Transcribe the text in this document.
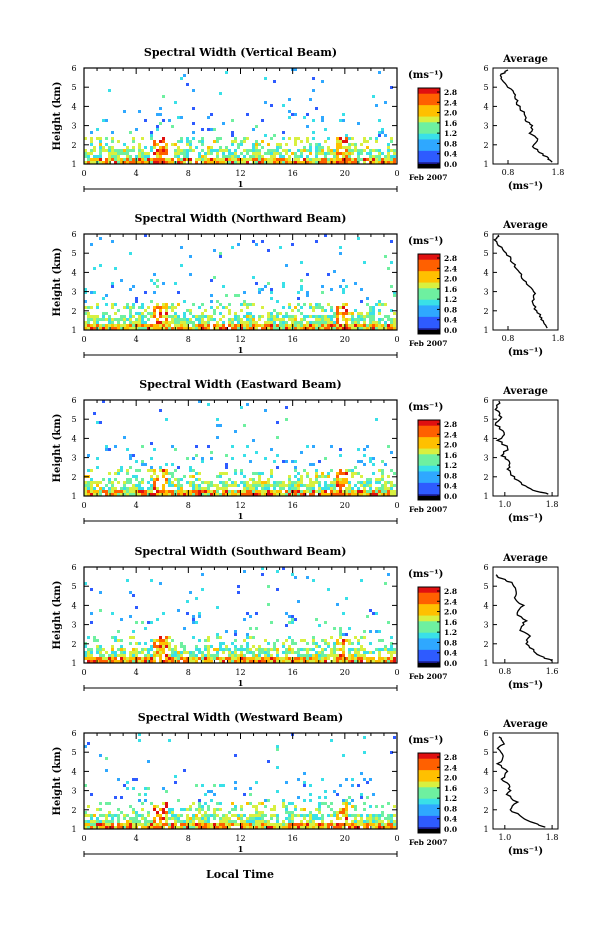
Spectral Width (Vertical Beam)
1
2
3
4
5
6
Height (km)
0	4	8	12	16	20	0
1
Feb 2007
(ms⁻¹)
2.8
2.4
2.0
1.6
1.2
0.8
0.4
0.0
Average
1
2
3
4
5
6
0.8	1.8
(ms⁻¹)
Spectral Width (Northward Beam)
1
2
3
4
5
6
Height (km)
0	4	8	12	16	20	0
1
Feb 2007
(ms⁻¹)
2.8
2.4
2.0
1.6
1.2
0.8
0.4
0.0
Average
1
2
3
4
5
6
0.8	1.8
(ms⁻¹)
Spectral Width (Eastward Beam)
1
2
3
4
5
6
Height (km)
0	4	8	12	16	20	0
1
Feb 2007
(ms⁻¹)
2.8
2.4
2.0
1.6
1.2
0.8
0.4
0.0
Average
1
2
3
4
5
6
1.0	1.8
(ms⁻¹)
Spectral Width (Southward Beam)
1
2
3
4
5
6
Height (km)
0	4	8	12	16	20	0
1
Feb 2007
(ms⁻¹)
2.8
2.4
2.0
1.6
1.2
0.8
0.4
0.0
Average
1
2
3
4
5
6
0.8	1.6
(ms⁻¹)
Spectral Width (Westward Beam)
1
2
3
4
5
6
Height (km)
0	4	8	12	16	20	0
1
Feb 2007
(ms⁻¹)
2.8
2.4
2.0
1.6
1.2
0.8
0.4
0.0
Average
1
2
3
4
5
6
1.0	1.8
(ms⁻¹)
Local Time
